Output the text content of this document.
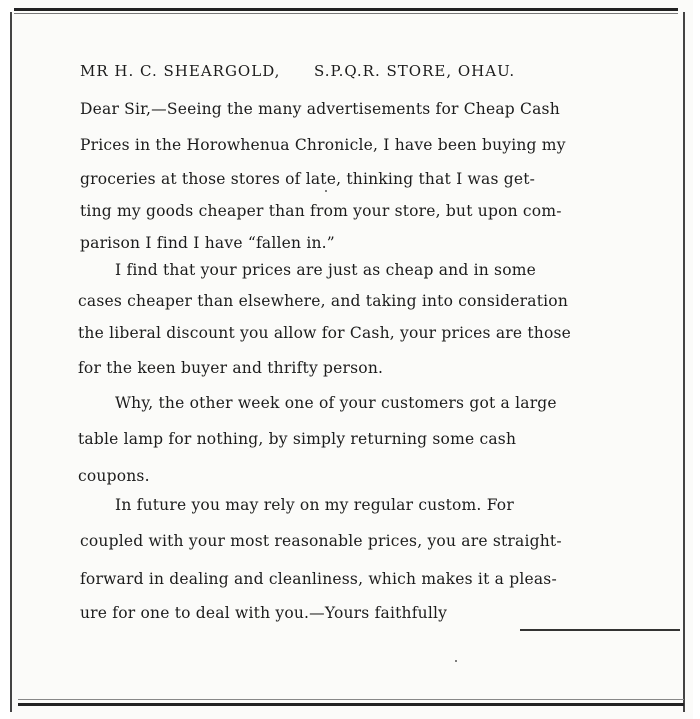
MR H. C. SHEARGOLD, S.P.Q.R. STORE, OHAU.
Dear Sir,—Seeing the many advertisements for Cheap Cash
Prices in the Horowhenua Chronicle, I have been buying my
groceries at those stores of late, thinking that I was get-
ting my goods cheaper than from your store, but upon com-
parison I find I have “fallen in.”
I find that your prices are just as cheap and in some
cases cheaper than elsewhere, and taking into consideration
the liberal discount you allow for Cash, your prices are those
for the keen buyer and thrifty person.
Why, the other week one of your customers got a large
table lamp for nothing, by simply returning some cash
coupons.
In future you may rely on my regular custom. For
coupled with your most reasonable prices, you are straight-
forward in dealing and cleanliness, which makes it a pleas-
ure for one to deal with you.—Yours faithfully
